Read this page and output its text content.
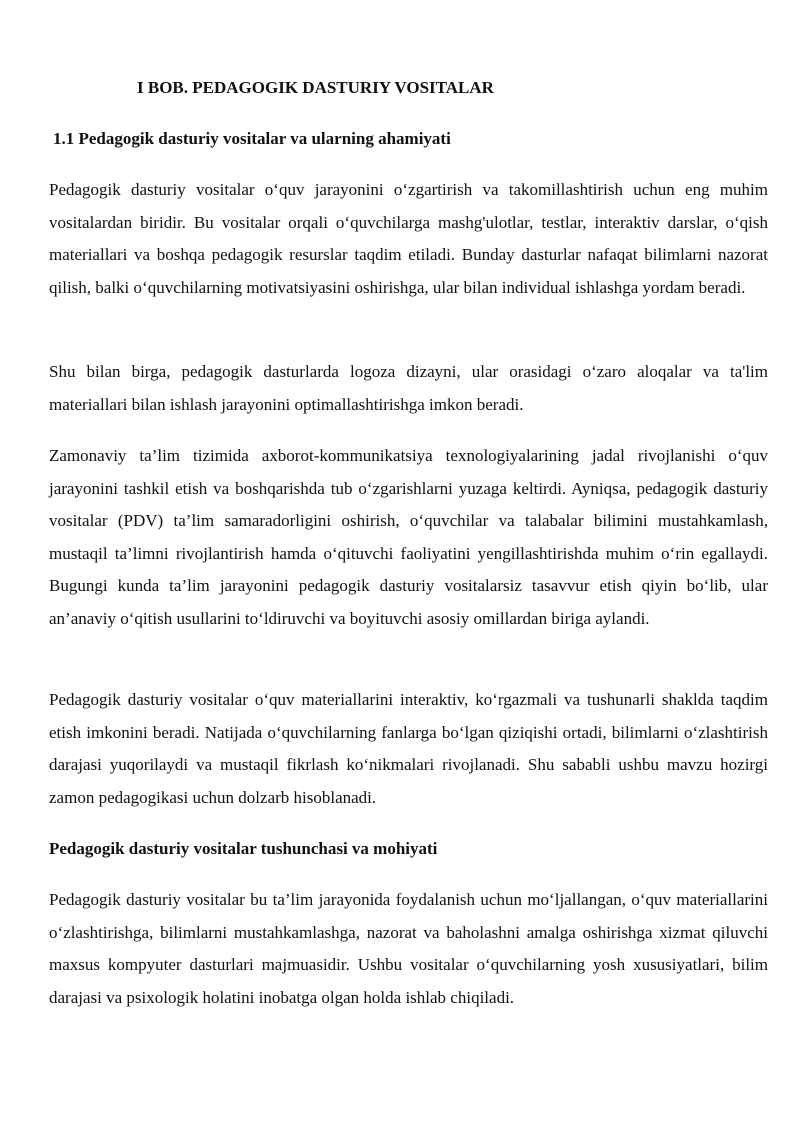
I BOB. PEDAGOGIK DASTURIY VOSITALAR
1.1 Pedagogik dasturiy vositalar va ularning ahamiyati

Pedagogik dasturiy vositalar o‘quv jarayonini o‘zgartirish va takomillashtirish uchun eng muhim vositalardan biridir. Bu vositalar orqali o‘quvchilarga mashg'ulotlar, testlar, interaktiv darslar, o‘qish materiallari va boshqa pedagogik resurslar taqdim etiladi. Bunday dasturlar nafaqat bilimlarni nazorat qilish, balki o‘quvchilarning motivatsiyasini oshirishga, ular bilan individual ishlashga yordam beradi.

Shu bilan birga, pedagogik dasturlarda logoza dizayni, ular orasidagi o‘zaro aloqalar va ta'lim materiallari bilan ishlash jarayonini optimallashtirishga imkon beradi.

Zamonaviy ta’lim tizimida axborot-kommunikatsiya texnologiyalarining jadal rivojlanishi o‘quv jarayonini tashkil etish va boshqarishda tub o‘zgarishlarni yuzaga keltirdi. Ayniqsa, pedagogik dasturiy vositalar (PDV) ta’lim samaradorligini oshirish, o‘quvchilar va talabalar bilimini mustahkamlash, mustaqil ta’limni rivojlantirish hamda o‘qituvchi faoliyatini yengillashtirishda muhim o‘rin egallaydi. Bugungi kunda ta’lim jarayonini pedagogik dasturiy vositalarsiz tasavvur etish qiyin bo‘lib, ular an’anaviy o‘qitish usullarini to‘ldiruvchi va boyituvchi asosiy omillardan biriga aylandi.

Pedagogik dasturiy vositalar o‘quv materiallarini interaktiv, ko‘rgazmali va tushunarli shaklda taqdim etish imkonini beradi. Natijada o‘quvchilarning fanlarga bo‘lgan qiziqishi ortadi, bilimlarni o‘zlashtirish darajasi yuqorilaydi va mustaqil fikrlash ko‘nikmalari rivojlanadi. Shu sababli ushbu mavzu hozirgi zamon pedagogikasi uchun dolzarb hisoblanadi.

Pedagogik dasturiy vositalar tushunchasi va mohiyati

Pedagogik dasturiy vositalar bu ta’lim jarayonida foydalanish uchun mo‘ljallangan, o‘quv materiallarini o‘zlashtirishga, bilimlarni mustahkamlashga, nazorat va baholashni amalga oshirishga xizmat qiluvchi maxsus kompyuter dasturlari majmuasidir. Ushbu vositalar o‘quvchilarning yosh xususiyatlari, bilim darajasi va psixologik holatini inobatga olgan holda ishlab chiqiladi.
